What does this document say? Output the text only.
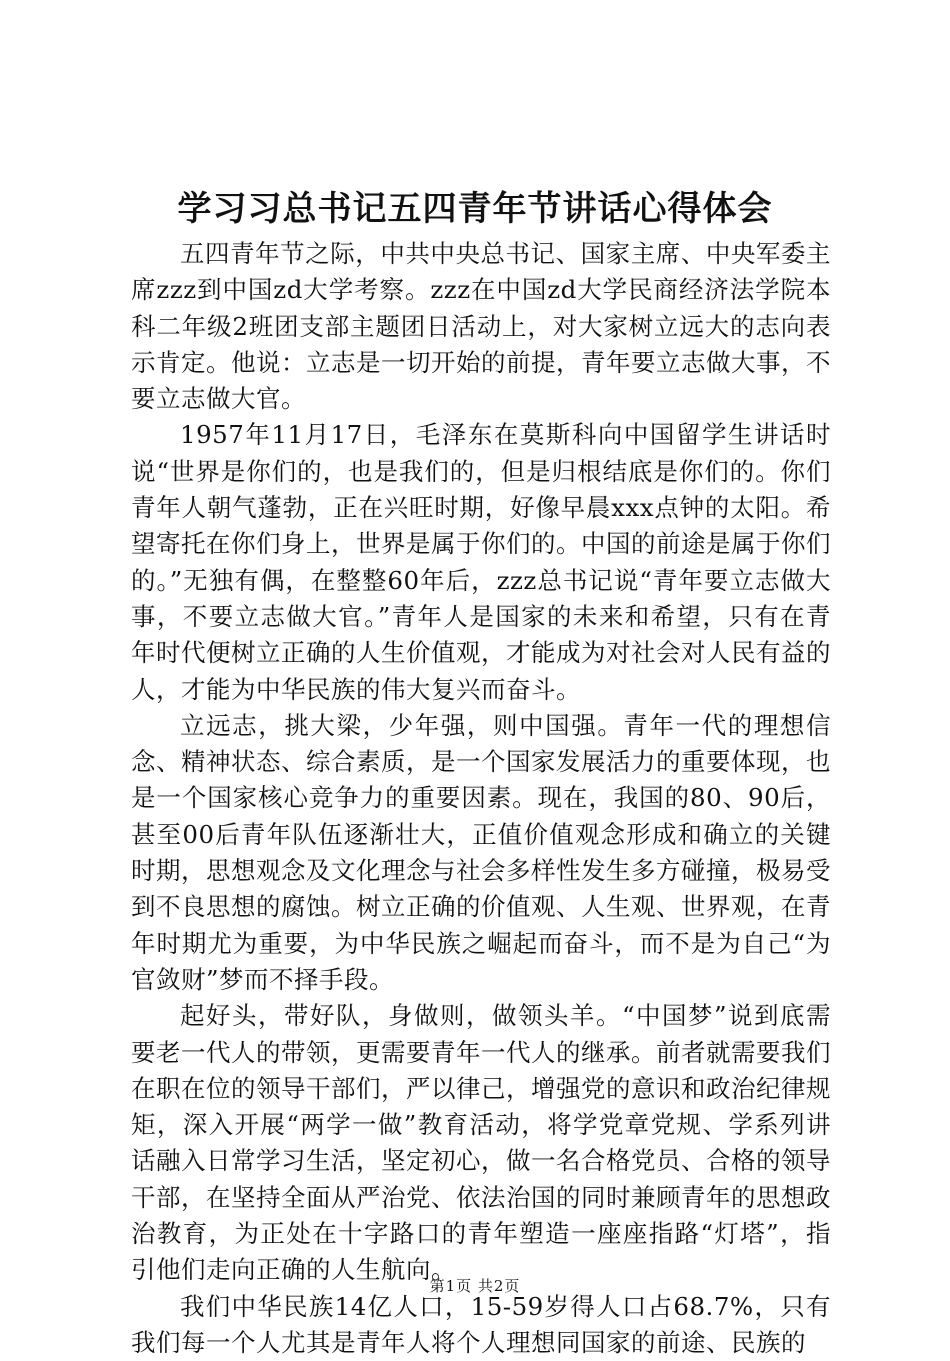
学习习总书记五四青年节讲话心得体会

五四青年节之际，中共中央总书记、国家主席、中央军委主席zzz到中国zd大学考察。zzz在中国zd大学民商经济法学院本科二年级2班团支部主题团日活动上，对大家树立远大的志向表示肯定。他说：立志是一切开始的前提，青年要立志做大事，不要立志做大官。

1957年11月17日，毛泽东在莫斯科向中国留学生讲话时说“世界是你们的，也是我们的，但是归根结底是你们的。你们青年人朝气蓬勃，正在兴旺时期，好像早晨xxx点钟的太阳。希望寄托在你们身上，世界是属于你们的。中国的前途是属于你们的。”无独有偶，在整整60年后，zzz总书记说“青年要立志做大事，不要立志做大官。”青年人是国家的未来和希望，只有在青年时代便树立正确的人生价值观，才能成为对社会对人民有益的人，才能为中华民族的伟大复兴而奋斗。

立远志，挑大梁，少年强，则中国强。青年一代的理想信念、精神状态、综合素质，是一个国家发展活力的重要体现，也是一个国家核心竞争力的重要因素。现在，我国的80、90后，甚至00后青年队伍逐渐壮大，正值价值观念形成和确立的关键时期，思想观念及文化理念与社会多样性发生多方碰撞，极易受到不良思想的腐蚀。树立正确的价值观、人生观、世界观，在青年时期尤为重要，为中华民族之崛起而奋斗，而不是为自己“为官敛财”梦而不择手段。

起好头，带好队，身做则，做领头羊。“中国梦”说到底需要老一代人的带领，更需要青年一代人的继承。前者就需要我们在职在位的领导干部们，严以律己，增强党的意识和政治纪律规矩，深入开展“两学一做”教育活动，将学党章党规、学系列讲话融入日常学习生活，坚定初心，做一名合格党员、合格的领导干部，在坚持全面从严治党、依法治国的同时兼顾青年的思想政治教育，为正处在十字路口的青年塑造一座座指路“灯塔”，指引他们走向正确的人生航向。

我们中华民族14亿人口，15-59岁得人口占68.7%，只有我们每一个人尤其是青年人将个人理想同国家的前途、民族的

第1页 共2页
